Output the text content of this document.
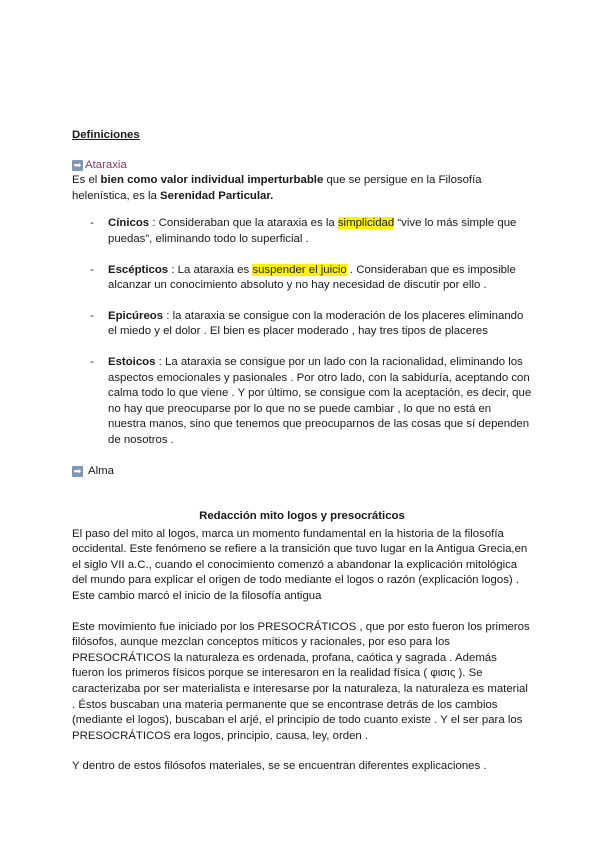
Definiciones
➡ Ataraxia

Es el bien como valor individual imperturbable que se persigue en la Filosofía helenística, es la Serenidad Particular.

- Cínicos : Consideraban que la ataraxia es la simplicidad “vive lo más simple que puedas”, eliminando todo lo superficial .
- Escépticos : La ataraxia es suspender el juicio . Consideraban que es imposible alcanzar un conocimiento absoluto y no hay necesidad de discutir por ello .
- Epicúreos : la ataraxia se consigue con la moderación de los placeres eliminando el miedo y el dolor . El bien es placer moderado , hay tres tipos de placeres
- Estoicos : La ataraxia se consigue por un lado con la racionalidad, eliminando los aspectos emocionales y pasionales . Por otro lado, con la sabiduría, aceptando con calma todo lo que viene . Y por último, se consigue com la aceptación, es decir, que no hay que preocuparse por lo que no se puede cambiar , lo que no está en nuestra manos, sino que tenemos que preocuparnos de las cosas que sí dependen de nosotros .
➡ Alma
Redacción mito logos y presocráticos

El paso del mito al logos, marca un momento fundamental en la historia de la filosofía occidental. Este fenómeno se refiere a la transición que tuvo lugar en la Antigua Grecia,en el siglo VII a.C., cuando el conocimiento comenzó a abandonar la explicación mitológica del mundo para explicar el origen de todo mediante el logos o razón (explicación logos) . Este cambio marcó el inicio de la filosofía antigua

Este movimiento fue iniciado por los PRESOCRÁTICOS , que por esto fueron los primeros filósofos, aunque mezclan conceptos míticos y racionales, por eso para los PRESOCRÁTICOS la naturaleza es ordenada, profana, caótica y sagrada . Además fueron los primeros físicos porque se interesaron en la realidad física ( φισις ). Se caracterizaba por ser materialista e interesarse por la naturaleza, la naturaleza es material . Éstos buscaban una materia permanente que se encontrase detrás de los cambios (mediante el logos), buscaban el arjé, el principio de todo cuanto existe . Y el ser para los PRESOCRÁTICOS era logos, principio, causa, ley, orden .

Y dentro de estos filósofos materiales, se se encuentran diferentes explicaciones .
